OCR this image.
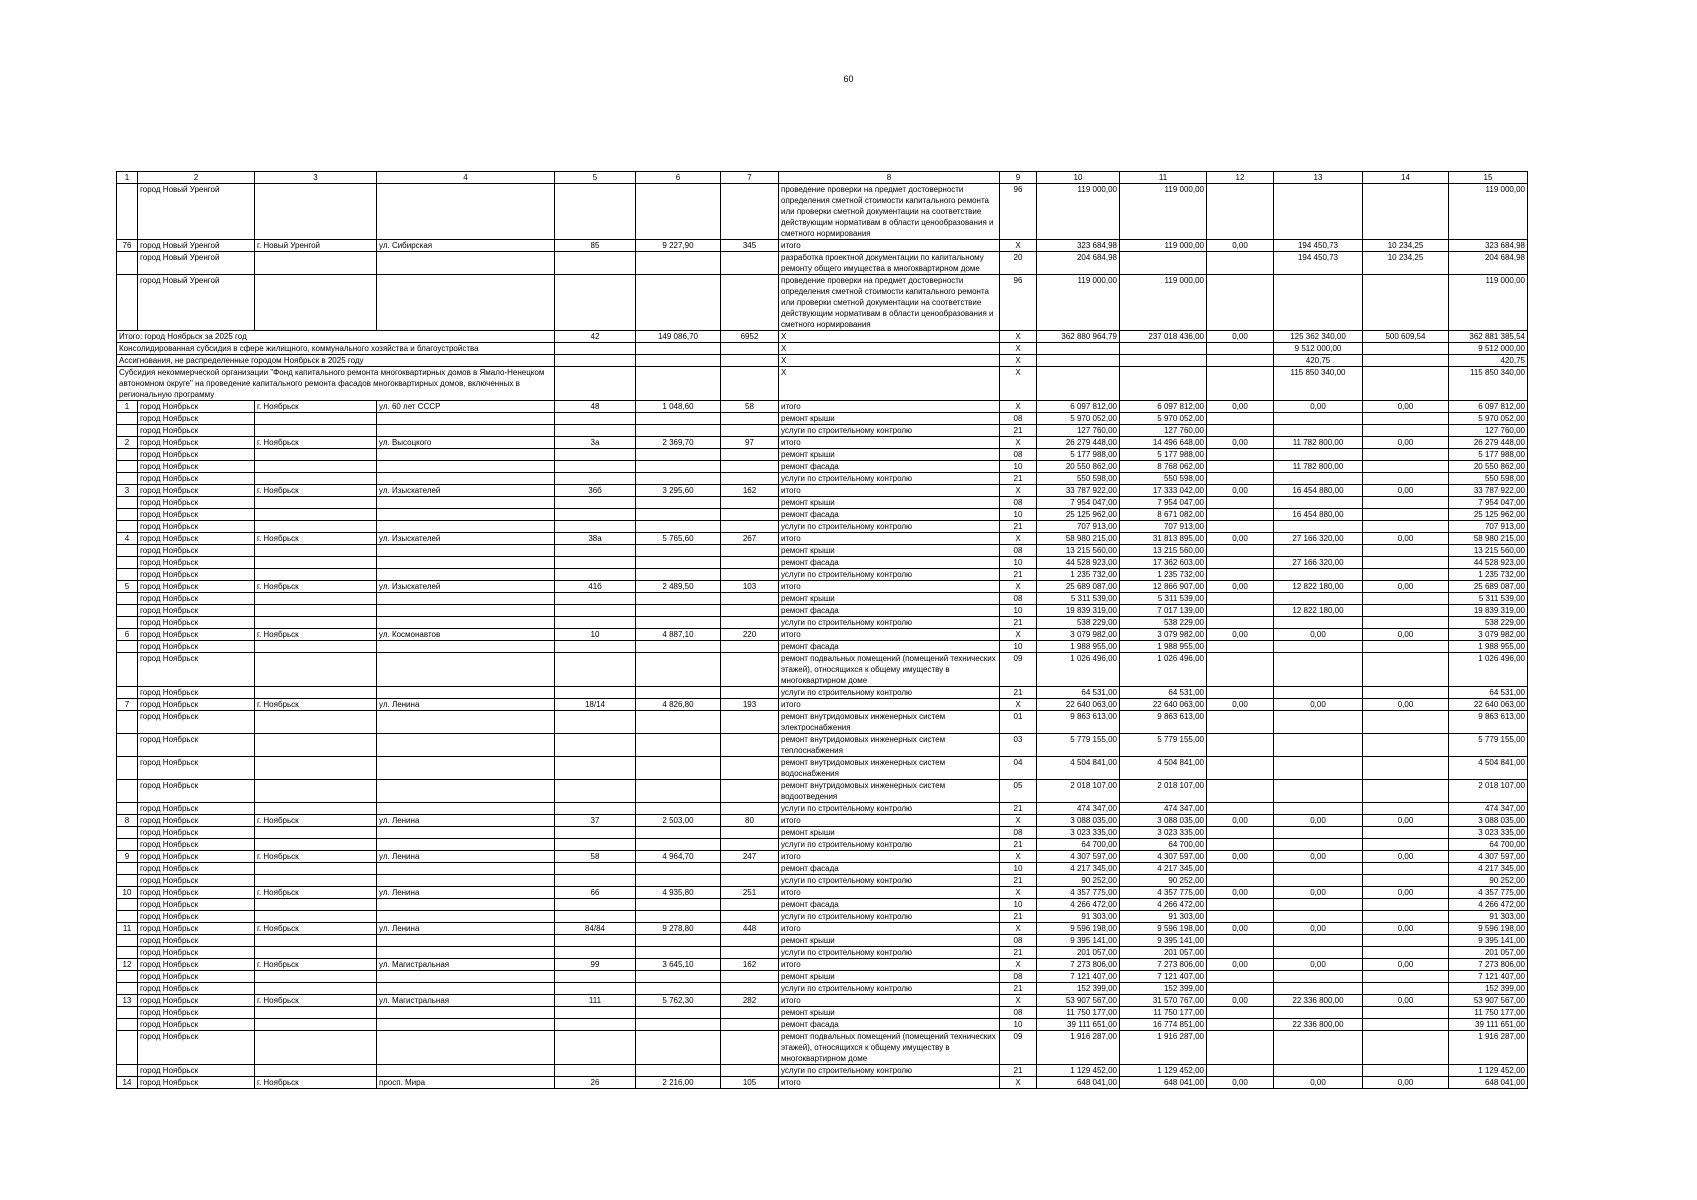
60
1	2	3	4	5	6	7	8	9	10	11	12	13	14	15
	город Новый Уренгой						проведение проверки на предмет достоверности определения сметной стоимости капитального ремонта или проверки сметной документации на соответствие действующим нормативам в области ценообразования и сметного нормирования	96	119 000,00	119 000,00				119 000,00
76	город Новый Уренгой	г. Новый Уренгой	ул. Сибирская	85	9 227,90	345	итого	X	323 684,98	119 000,00	0,00	194 450,73	10 234,25	323 684,98
	город Новый Уренгой						разработка проектной документации по капитальному ремонту общего имущества в многоквартирном доме	20	204 684,98			194 450,73	10 234,25	204 684,98
	город Новый Уренгой						проведение проверки на предмет достоверности определения сметной стоимости капитального ремонта или проверки сметной документации на соответствие действующим нормативам в области ценообразования и сметного нормирования	96	119 000,00	119 000,00				119 000,00
Итого: город Ноябрьск за 2025 год				42	149 086,70	6952	X	X	362 880 964,79	237 018 436,00	0,00	125 362 340,00	500 609,54	362 881 385,54
Консолидированная субсидия в сфере жилищного, коммунального хозяйства и благоустройства							X	X				9 512 000,00		9 512 000,00
Ассигнования, не распределенные городом Ноябрьск в 2025 году							X	X				420,75		420,75
Субсидия некоммерческой организации "Фонд капитального ремонта многоквартирных домов в Ямало-Ненецком автономном округе" на проведение капитального ремонта фасадов многоквартирных домов, включенных в региональную программу							X	X				115 850 340,00		115 850 340,00
1	город Ноябрьск	г. Ноябрьск	ул. 60 лет СССР	48	1 048,60	58	итого	X	6 097 812,00	6 097 812,00	0,00	0,00	0,00	6 097 812,00
	город Ноябрьск						ремонт крыши	08	5 970 052,00	5 970 052,00				5 970 052,00
	город Ноябрьск						услуги по строительному контролю	21	127 760,00	127 760,00				127 760,00
2	город Ноябрьск	г. Ноябрьск	ул. Высоцкого	3а	2 369,70	97	итого	X	26 279 448,00	14 496 648,00	0,00	11 782 800,00	0,00	26 279 448,00
	город Ноябрьск						ремонт крыши	08	5 177 988,00	5 177 988,00				5 177 988,00
	город Ноябрьск						ремонт фасада	10	20 550 862,00	8 768 062,00		11 782 800,00		20 550 862,00
	город Ноябрьск						услуги по строительному контролю	21	550 598,00	550 598,00				550 598,00
3	город Ноябрьск	г. Ноябрьск	ул. Изыскателей	36б	3 295,60	162	итого	X	33 787 922,00	17 333 042,00	0,00	16 454 880,00	0,00	33 787 922,00
	город Ноябрьск						ремонт крыши	08	7 954 047,00	7 954 047,00				7 954 047,00
	город Ноябрьск						ремонт фасада	10	25 125 962,00	8 671 082,00		16 454 880,00		25 125 962,00
	город Ноябрьск						услуги по строительному контролю	21	707 913,00	707 913,00				707 913,00
4	город Ноябрьск	г. Ноябрьск	ул. Изыскателей	38а	5 765,60	267	итого	X	58 980 215,00	31 813 895,00	0,00	27 166 320,00	0,00	58 980 215,00
	город Ноябрьск						ремонт крыши	08	13 215 560,00	13 215 560,00				13 215 560,00
	город Ноябрьск						ремонт фасада	10	44 528 923,00	17 362 603,00		27 166 320,00		44 528 923,00
	город Ноябрьск						услуги по строительному контролю	21	1 235 732,00	1 235 732,00				1 235 732,00
5	город Ноябрьск	г. Ноябрьск	ул. Изыскателей	41б	2 489,50	103	итого	X	25 689 087,00	12 866 907,00	0,00	12 822 180,00	0,00	25 689 087,00
	город Ноябрьск						ремонт крыши	08	5 311 539,00	5 311 539,00				5 311 539,00
	город Ноябрьск						ремонт фасада	10	19 839 319,00	7 017 139,00		12 822 180,00		19 839 319,00
	город Ноябрьск						услуги по строительному контролю	21	538 229,00	538 229,00				538 229,00
6	город Ноябрьск	г. Ноябрьск	ул. Космонавтов	10	4 887,10	220	итого	X	3 079 982,00	3 079 982,00	0,00	0,00	0,00	3 079 982,00
	город Ноябрьск						ремонт фасада	10	1 988 955,00	1 988 955,00				1 988 955,00
	город Ноябрьск						ремонт подвальных помещений (помещений технических этажей), относящихся к общему имуществу в многоквартирном доме	09	1 026 496,00	1 026 496,00				1 026 496,00
	город Ноябрьск						услуги по строительному контролю	21	64 531,00	64 531,00				64 531,00
7	город Ноябрьск	г. Ноябрьск	ул. Ленина	18/14	4 826,80	193	итого	X	22 640 063,00	22 640 063,00	0,00	0,00	0,00	22 640 063,00
	город Ноябрьск						ремонт внутридомовых инженерных систем электроснабжения	01	9 863 613,00	9 863 613,00				9 863 613,00
	город Ноябрьск						ремонт внутридомовых инженерных систем теплоснабжения	03	5 779 155,00	5 779 155,00				5 779 155,00
	город Ноябрьск						ремонт внутридомовых инженерных систем водоснабжения	04	4 504 841,00	4 504 841,00				4 504 841,00
	город Ноябрьск						ремонт внутридомовых инженерных систем водоотведения	05	2 018 107,00	2 018 107,00				2 018 107,00
	город Ноябрьск						услуги по строительному контролю	21	474 347,00	474 347,00				474 347,00
8	город Ноябрьск	г. Ноябрьск	ул. Ленина	37	2 503,00	80	итого	X	3 088 035,00	3 088 035,00	0,00	0,00	0,00	3 088 035,00
	город Ноябрьск						ремонт крыши	08	3 023 335,00	3 023 335,00				3 023 335,00
	город Ноябрьск						услуги по строительному контролю	21	64 700,00	64 700,00				64 700,00
9	город Ноябрьск	г. Ноябрьск	ул. Ленина	58	4 964,70	247	итого	X	4 307 597,00	4 307 597,00	0,00	0,00	0,00	4 307 597,00
	город Ноябрьск						ремонт фасада	10	4 217 345,00	4 217 345,00				4 217 345,00
	город Ноябрьск						услуги по строительному контролю	21	90 252,00	90 252,00				90 252,00
10	город Ноябрьск	г. Ноябрьск	ул. Ленина	66	4 935,80	251	итого	X	4 357 775,00	4 357 775,00	0,00	0,00	0,00	4 357 775,00
	город Ноябрьск						ремонт фасада	10	4 266 472,00	4 266 472,00				4 266 472,00
	город Ноябрьск						услуги по строительному контролю	21	91 303,00	91 303,00				91 303,00
11	город Ноябрьск	г. Ноябрьск	ул. Ленина	84/84	9 278,80	448	итого	X	9 596 198,00	9 596 198,00	0,00	0,00	0,00	9 596 198,00
	город Ноябрьск						ремонт крыши	08	9 395 141,00	9 395 141,00				9 395 141,00
	город Ноябрьск						услуги по строительному контролю	21	201 057,00	201 057,00				201 057,00
12	город Ноябрьск	г. Ноябрьск	ул. Магистральная	99	3 645,10	162	итого	X	7 273 806,00	7 273 806,00	0,00	0,00	0,00	7 273 806,00
	город Ноябрьск						ремонт крыши	08	7 121 407,00	7 121 407,00				7 121 407,00
	город Ноябрьск						услуги по строительному контролю	21	152 399,00	152 399,00				152 399,00
13	город Ноябрьск	г. Ноябрьск	ул. Магистральная	111	5 762,30	282	итого	X	53 907 567,00	31 570 767,00	0,00	22 336 800,00	0,00	53 907 567,00
	город Ноябрьск						ремонт крыши	08	11 750 177,00	11 750 177,00				11 750 177,00
	город Ноябрьск						ремонт фасада	10	39 111 651,00	16 774 851,00		22 336 800,00		39 111 651,00
	город Ноябрьск						ремонт подвальных помещений (помещений технических этажей), относящихся к общему имуществу в многоквартирном доме	09	1 916 287,00	1 916 287,00				1 916 287,00
	город Ноябрьск						услуги по строительному контролю	21	1 129 452,00	1 129 452,00				1 129 452,00
14	город Ноябрьск	г. Ноябрьск	просп. Мира	26	2 216,00	105	итого	X	648 041,00	648 041,00	0,00	0,00	0,00	648 041,00
